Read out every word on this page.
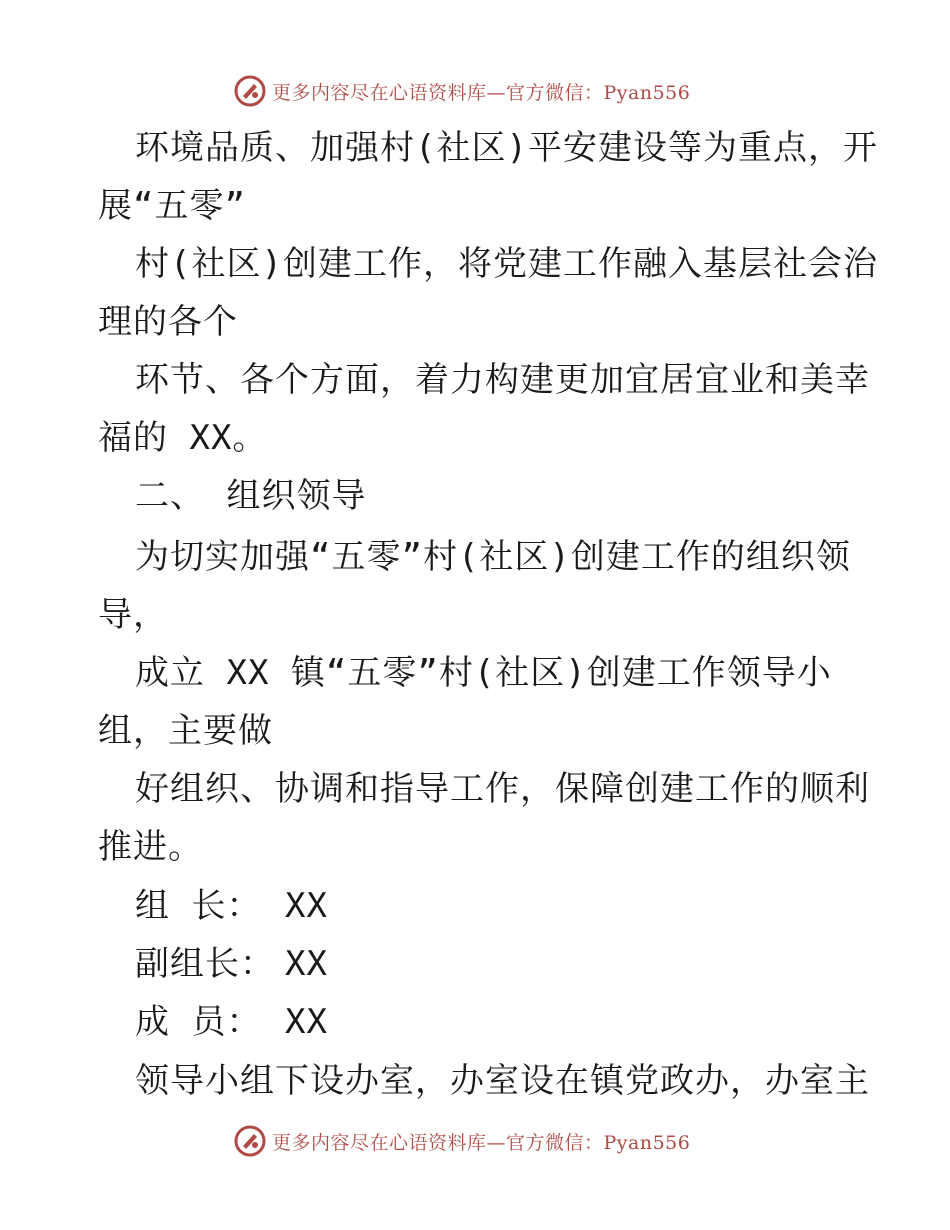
更多内容尽在心语资料库—官方微信：Pyan556
环境品质、加强村(社区)平安建设等为重点，开
展“五零”
村(社区)创建工作，将党建工作融入基层社会治
理的各个
环节、各个方面，着力构建更加宜居宜业和美幸
福的 XX。
二、 组织领导
为切实加强“五零”村(社区)创建工作的组织领
导，
成立 XX 镇“五零”村(社区)创建工作领导小
组，主要做
好组织、协调和指导工作，保障创建工作的顺利
推进。
组 长： XX
副组长： XX
成 员： XX
领导小组下设办室，办室设在镇党政办，办室主
更多内容尽在心语资料库—官方微信：Pyan556
